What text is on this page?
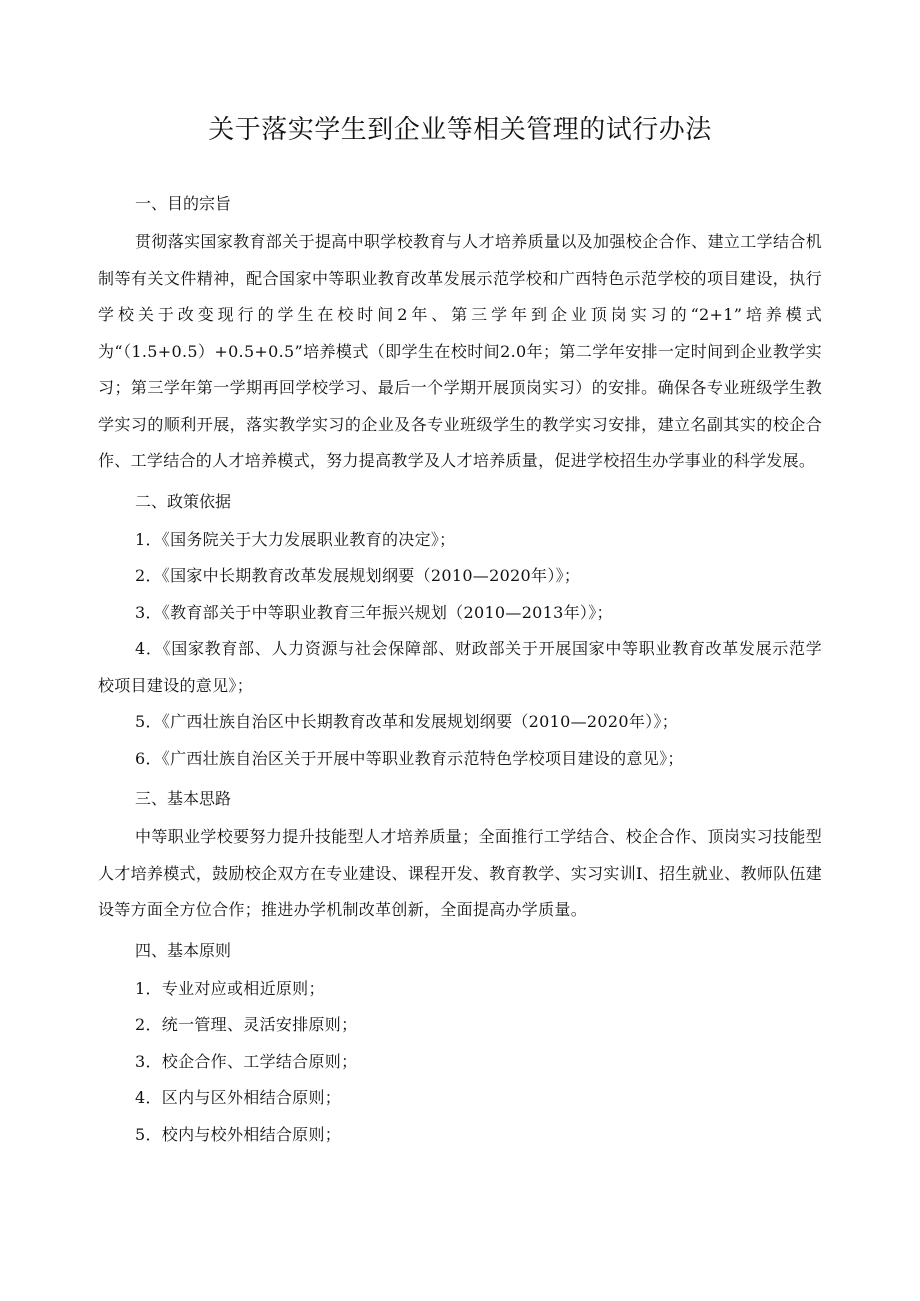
关于落实学生到企业等相关管理的试行办法
一、目的宗旨

贯彻落实国家教育部关于提高中职学校教育与人才培养质量以及加强校企合作、建立工学结合机制等有关文件精神，配合国家中等职业教育改革发展示范学校和广西特色示范学校的项目建设，执行学校关于改变现行的学生在校时间2年、第三学年到企业顶岗实习的“2+1”培养模式为“（1.5+0.5）+0.5+0.5”培养模式（即学生在校时间2.0年；第二学年安排一定时间到企业教学实习；第三学年第一学期再回学校学习、最后一个学期开展顶岗实习）的安排。确保各专业班级学生教学实习的顺利开展，落实教学实习的企业及各专业班级学生的教学实习安排，建立名副其实的校企合作、工学结合的人才培养模式，努力提高教学及人才培养质量，促进学校招生办学事业的科学发展。

二、政策依据
1．《国务院关于大力发展职业教育的决定》；
2．《国家中长期教育改革发展规划纲要（2010—2020年）》；
3．《教育部关于中等职业教育三年振兴规划（2010—2013年）》；
4．《国家教育部、人力资源与社会保障部、财政部关于开展国家中等职业教育改革发展示范学校项目建设的意见》；
5．《广西壮族自治区中长期教育改革和发展规划纲要（2010—2020年）》；
6．《广西壮族自治区关于开展中等职业教育示范特色学校项目建设的意见》；
三、基本思路

中等职业学校要努力提升技能型人才培养质量；全面推行工学结合、校企合作、顶岗实习技能型人才培养模式，鼓励校企双方在专业建设、课程开发、教育教学、实习实训Ⅰ、招生就业、教师队伍建设等方面全方位合作；推进办学机制改革创新，全面提高办学质量。

四、基本原则
1．专业对应或相近原则；
2．统一管理、灵活安排原则；
3．校企合作、工学结合原则；
4．区内与区外相结合原则；
5．校内与校外相结合原则；
